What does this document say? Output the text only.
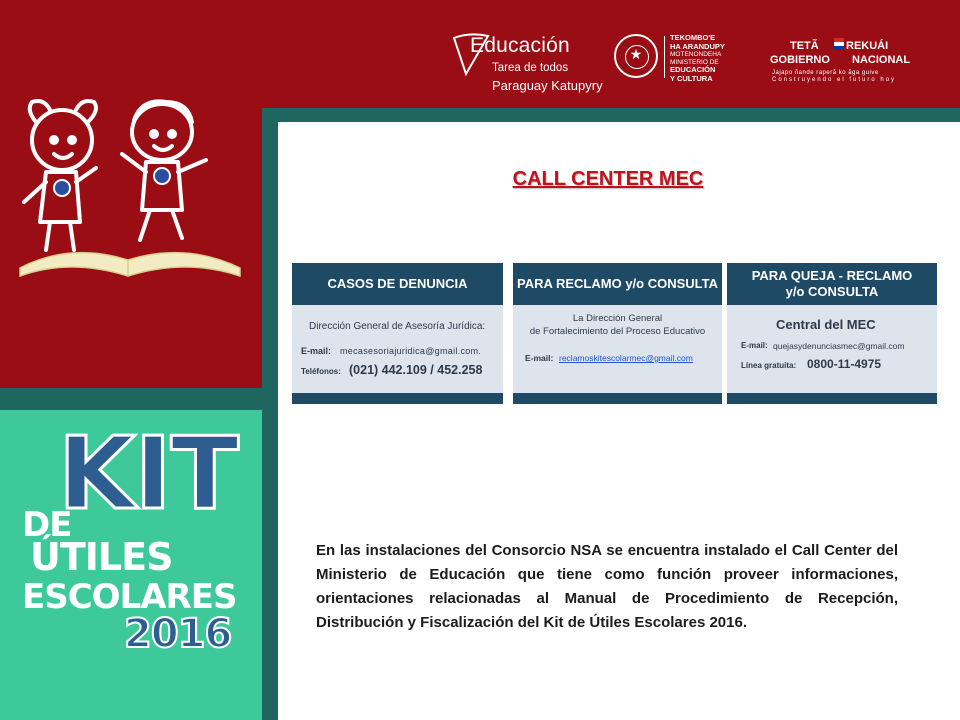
Educación
Tarea de todos
Paraguay Katupyry
★
TEKOMBO'E
HA ARANDUPY
MOTENONDEHA
MINISTERIO DE
EDUCACIÓN
Y CULTURA
TETÃ REKUÁI
GOBIERNO NACIONAL
Jajapo ñande raperã ko ãga guive
Construyendo el futuro hoy
KIT
DE
ÚTILES
ESCOLARES
2016
CALL CENTER MEC
CASOS DE DENUNCIA
Dirección General de Asesoría Jurídica:
E-mail: mecasesoriajuridica@gmail.com.
Teléfonos: (021) 442.109 / 452.258
PARA RECLAMO y/o CONSULTA
La Dirección General
de Fortalecimiento del Proceso Educativo
E-mail: reclamoskitescolarmec@gmail.com
PARA QUEJA - RECLAMO
y/o CONSULTA
Central del MEC
E-mail: quejasydenunciasmec@gmail.com
Línea gratuita: 0800-11-4975
En las instalaciones del Consorcio NSA se encuentra instalado el Call Center del Ministerio de Educación que tiene como función proveer informaciones, orientaciones relacionadas al Manual de Procedimiento de Recepción, Distribución y Fiscalización del Kit de Útiles Escolares 2016.
